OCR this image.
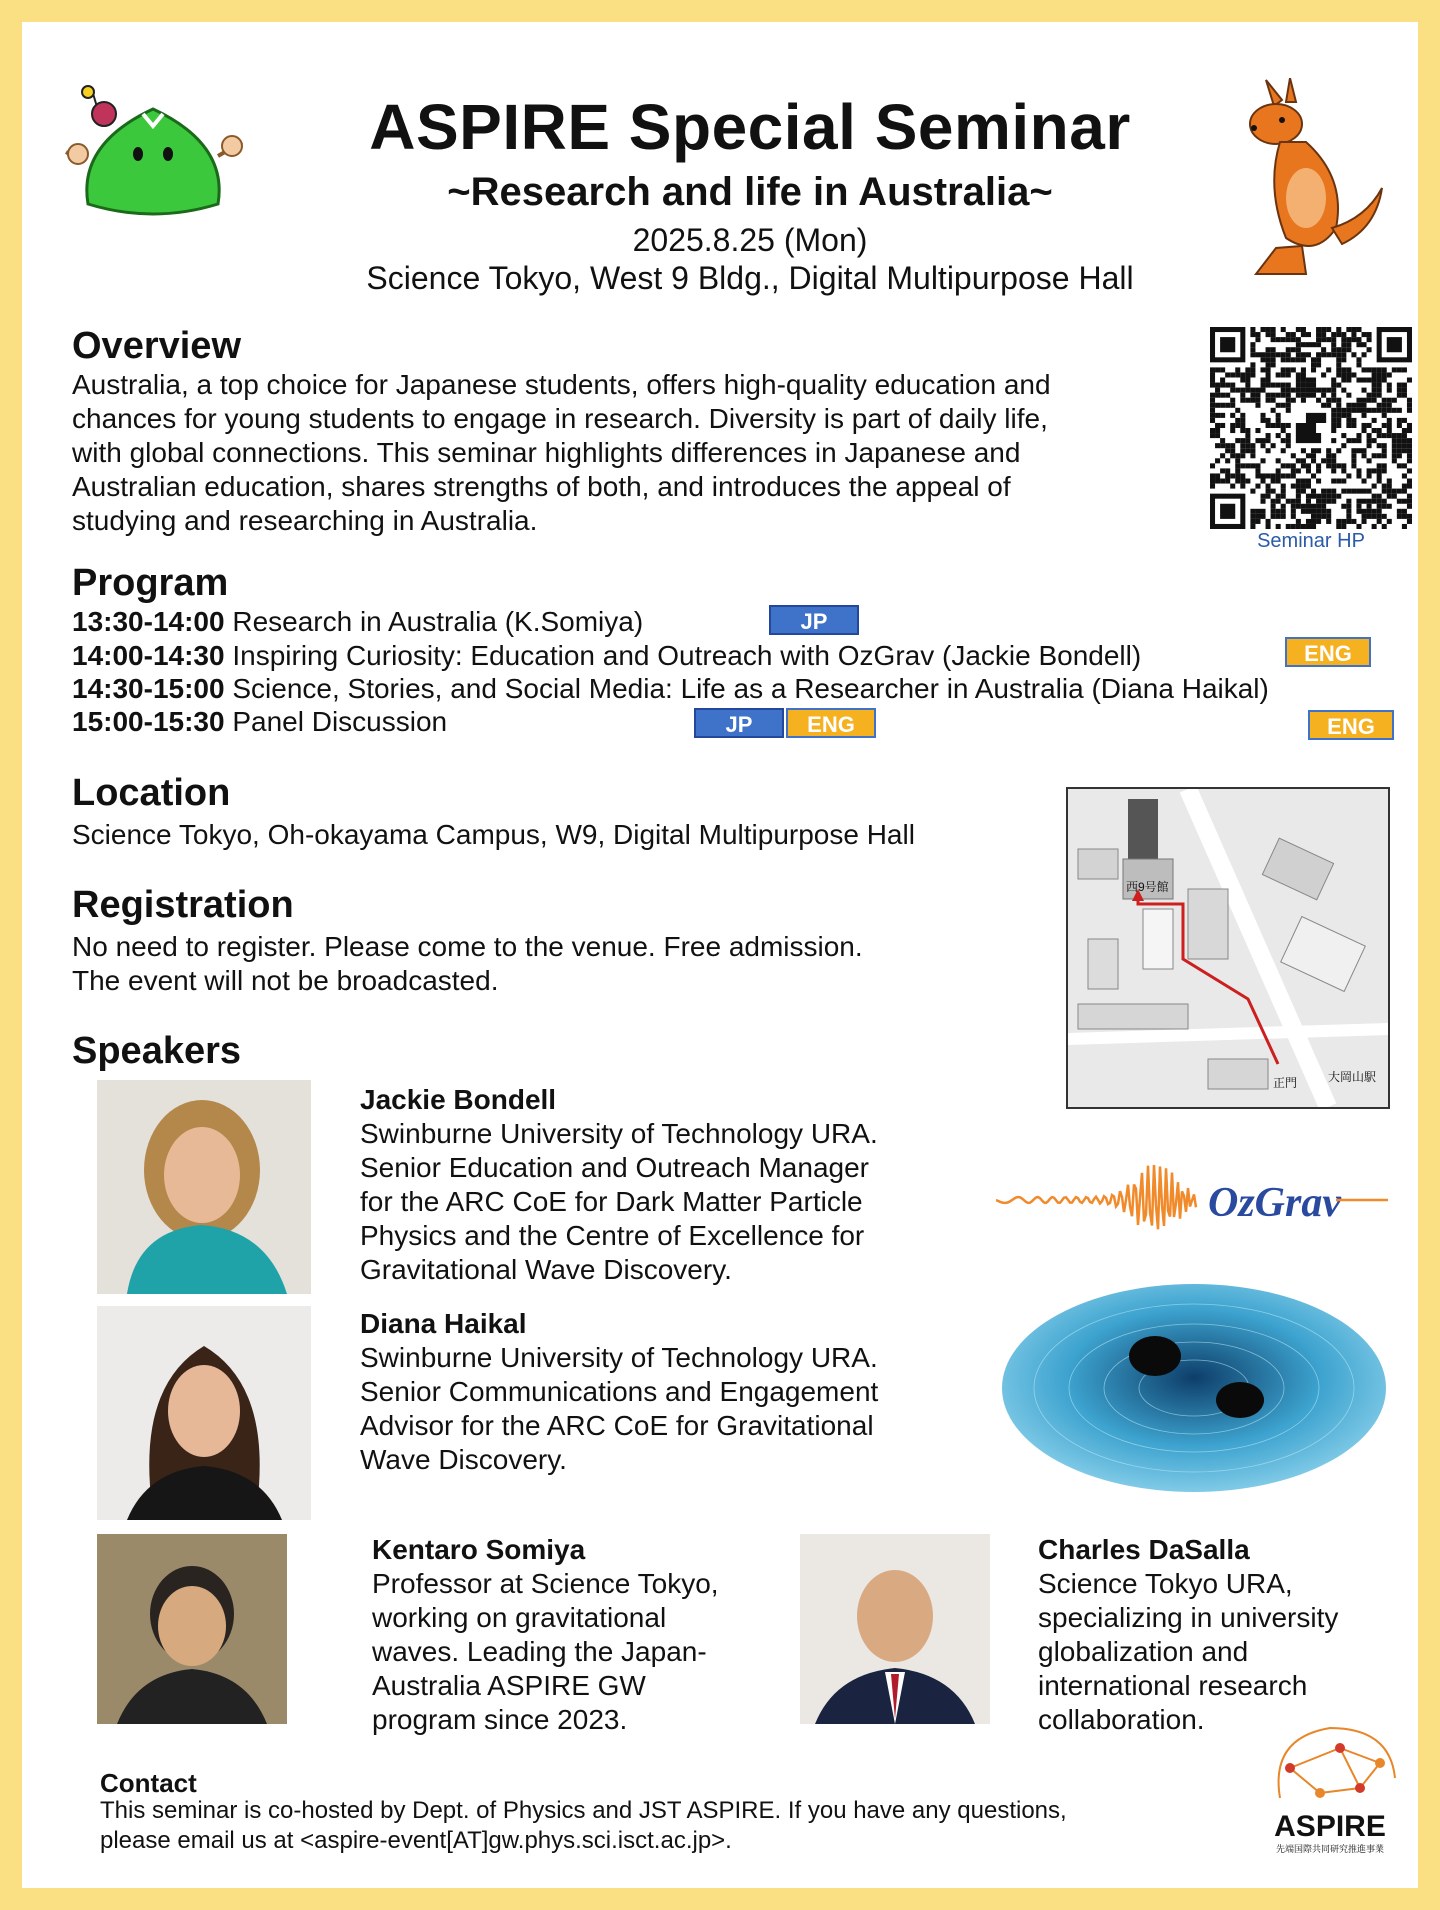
ASPIRE Special Seminar
~Research and life in Australia~
2025.8.25 (Mon)
Science Tokyo, West 9 Bldg., Digital Multipurpose Hall
Overview
Australia, a top choice for Japanese students, offers high-quality education and
chances for young students to engage in research. Diversity is part of daily life,
with global connections. This seminar highlights differences in Japanese and
Australian education, shares strengths of both, and introduces the appeal of
studying and researching in Australia.
Seminar HP
Program
13:30-14:00 Research in Australia (K.Somiya)
14:00-14:30 Inspiring Curiosity: Education and Outreach with OzGrav (Jackie Bondell)
14:30-15:00 Science, Stories, and Social Media: Life as a Researcher in Australia (Diana Haikal)
15:00-15:30 Panel Discussion
JP
ENG
JP	ENG	ENG
Location
Science Tokyo, Oh-okayama Campus, W9, Digital Multipurpose Hall
西9号館
正門	大岡山駅
Registration
No need to register. Please come to the venue. Free admission.
The event will not be broadcasted.
Speakers
Jackie Bondell
Swinburne University of Technology URA.
Senior Education and Outreach Manager
for the ARC CoE for Dark Matter Particle
Physics and the Centre of Excellence for
Gravitational Wave Discovery.
OzGrav
Diana Haikal
Swinburne University of Technology URA.
Senior Communications and Engagement
Advisor for the ARC CoE for Gravitational
Wave Discovery.
Kentaro Somiya
Professor at Science Tokyo,
working on gravitational
waves. Leading the Japan-
Australia ASPIRE GW
program since 2023.
Charles DaSalla
Science Tokyo URA,
specializing in university
globalization and
international research
collaboration.
ASPIRE
先端国際共同研究推進事業
Contact
This seminar is co-hosted by Dept. of Physics and JST ASPIRE. If you have any questions,
please email us at <aspire-event[AT]gw.phys.sci.isct.ac.jp>.
